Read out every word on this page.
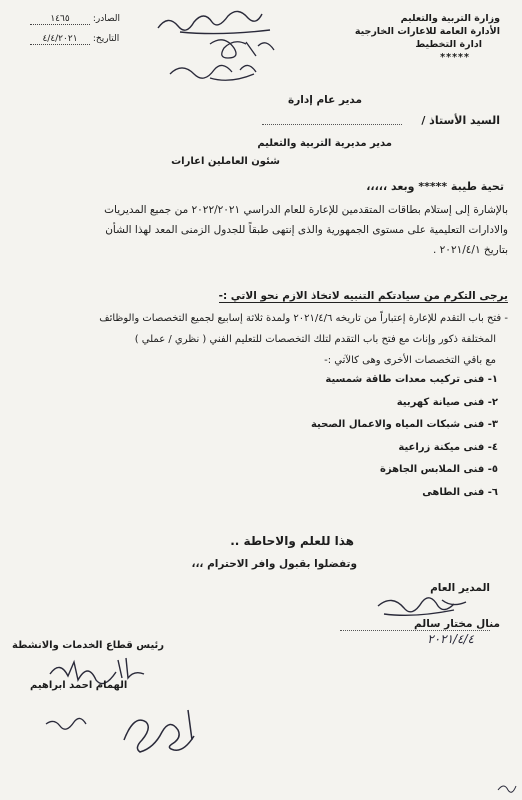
وزارة التربية والتعليم
الأدارة العامة للاعارات الخارجية
ادارة التخطيط
*****
الصادر: ١٤٦٥
التاريخ: ٤/٤/٢٠٢١
مدير عام إدارة
السيد الأستاذ /
مدير مديرية التربية والتعليم
شئون العاملين اعارات
تحية طيبة ***** وبعد ،،،،،
بالإشارة إلى إستلام بطاقات المتقدمين للإعارة للعام الدراسي ٢٠٢٢/٢٠٢١ من جميع المديريات
والادارات التعليمية على مستوى الجمهورية والذى إنتهى طبقاً للجدول الزمنى المعد لهذا الشأن
بتاريخ ٢٠٢١/٤/١ .
يرجى التكرم من سيادتكم التنبيه لاتخاذ الازم نحو الاتي :-
- فتح باب التقدم للإعارة إعتباراً من تاريخه ٢٠٢١/٤/٦ ولمدة ثلاثة إسابيع لجميع التخصصات والوظائف
المختلفة ذكور وإناث مع فتح باب التقدم لتلك التخصصات للتعليم الفني ( نظري / عملي )
مع باقي التخصصات الأخرى وهى كالآتي :-
١- فنى تركيب معدات طاقة شمسية
٢- فنى صيانة كهربية
٣- فنى شبكات المياه والاعمال الصحية
٤- فنى ميكنة زراعية
٥- فنى الملابس الجاهزة
٦- فنى الطاهى
هذا للعلم والاحاطة ..
وتفضلوا بقبول وافر الاحترام ،،،
المدير العام
منال مختار سالم
٢٠٢١/٤/٤
رئيس قطاع الخدمات والانشطة
الهمام احمد ابراهيم
